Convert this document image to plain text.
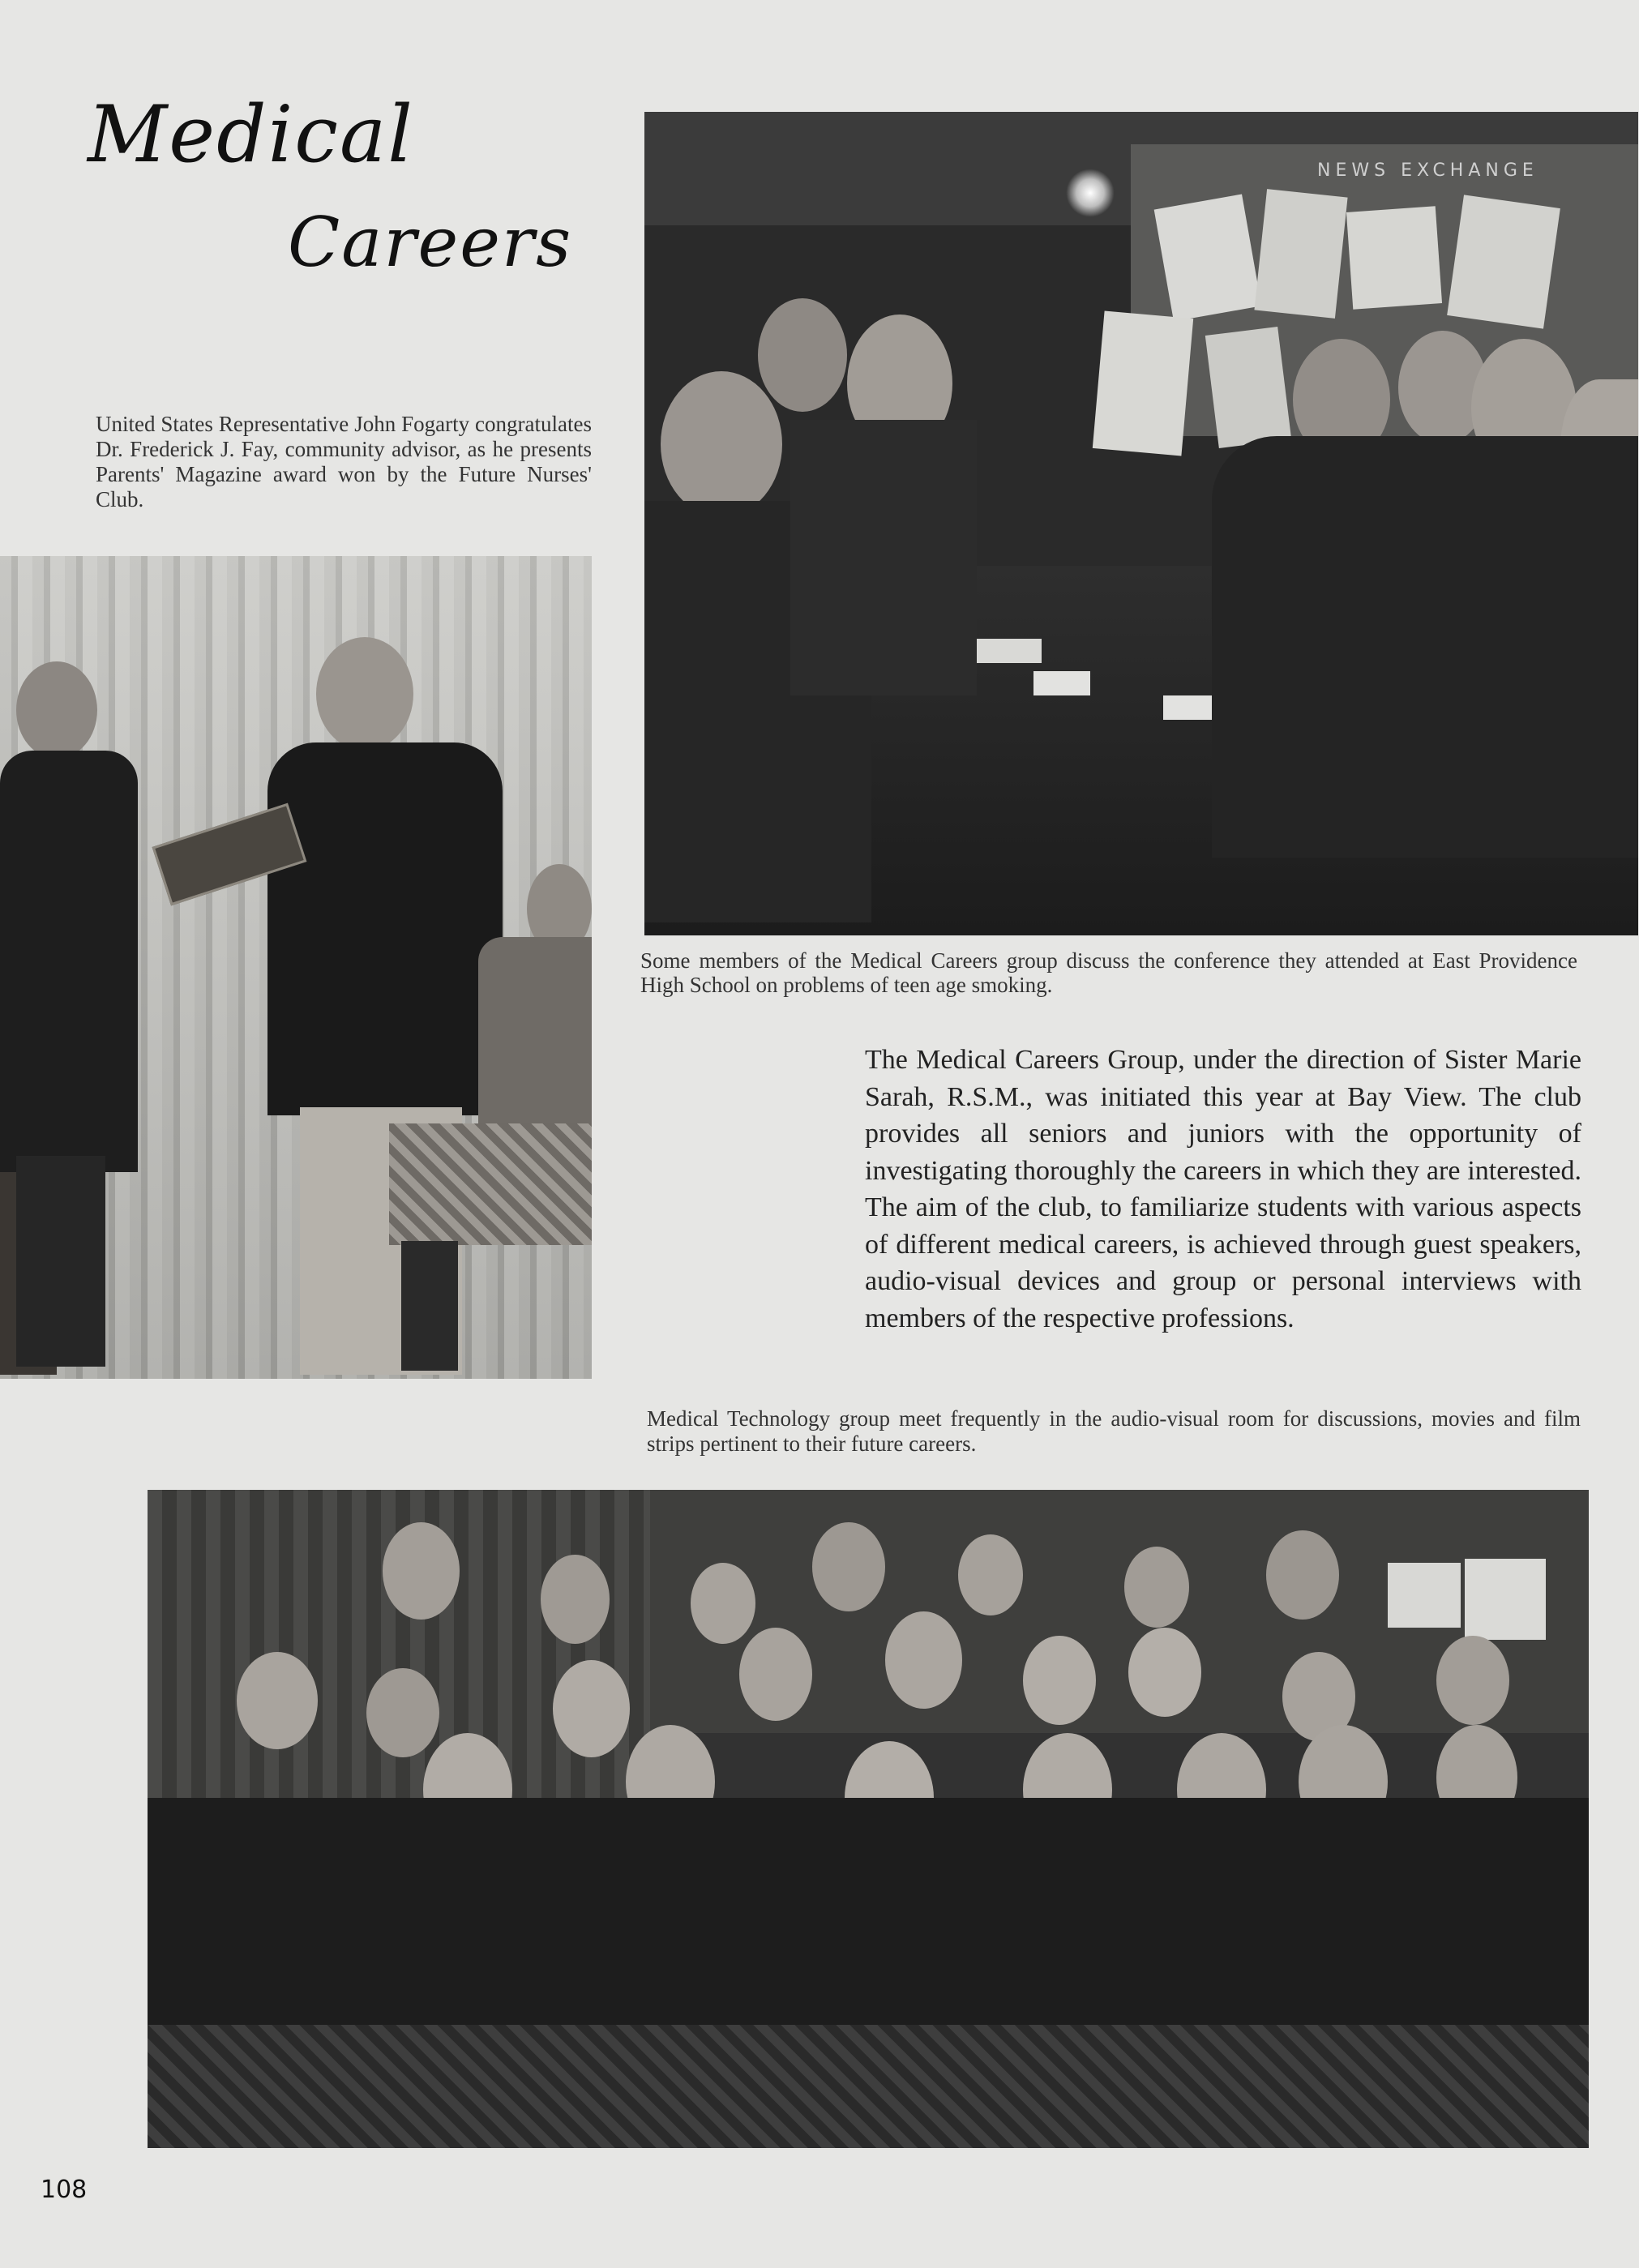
Medical
Careers
United States Representative John Fogarty congratulates Dr. Frederick J. Fay, community advisor, as he presents Parents' Magazine award won by the Future Nurses' Club.
NEWS EXCHANGE
Some members of the Medical Careers group discuss the conference they attended at East Providence High School on problems of teen age smoking.
The Medical Careers Group, under the direction of Sister Marie Sarah, R.S.M., was initiated this year at Bay View. The club provides all seniors and juniors with the opportunity of investigating thoroughly the careers in which they are interested. The aim of the club, to familiarize students with various aspects of different medical careers, is achieved through guest speakers, audio-visual devices and group or personal interviews with members of the respective professions.
Medical Technology group meet frequently in the audio-visual room for discussions, movies and film strips pertinent to their future careers.
108
